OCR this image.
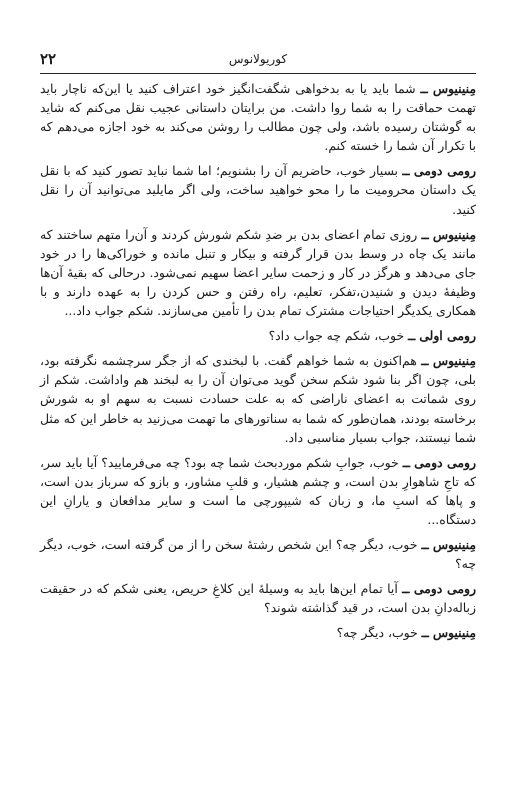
۲۲	کوریولانوس

مِنینیوس ــ شما باید یا به بدخواهی شگفت‌انگیز خود اعتراف کنید یا این‌که ناچار باید تهمت حماقت را به شما روا داشت. من برایتان داستانی عجیب نقل می‌کنم که شاید به گوشتان رسیده باشد، ولی چون مطالب را روشن می‌کند به خود اجازه می‌دهم که با تکرار آن شما را خسته کنم.

رومی دومی ــ بسیار خوب، حاضریم آن را بشنویم؛ اما شما نباید تصور کنید که با نقل یک داستان محرومیت ما را محو خواهید ساخت، ولی اگر مایلید می‌توانید آن را نقل کنید.

مِنینیوس ــ روزی تمام اعضای بدن بر ضدِ شکم شورش کردند و آن‌را متهم ساختند که مانند یک چاه در وسط بدن قرار گرفته و بیکار و تنبل مانده و خوراکی‌ها را در خود جای می‌دهد و هرگز در کار و زحمت سایر اعضا سهیم نمی‌شود. درحالی که بقیهٔ آن‌ها وظیفهٔ دیدن و شنیدن،تفکر، تعلیم، راه رفتن و حس کردن را به عهده دارند و با همکاری یکدیگر احتیاجات مشترک تمام بدن را تأمین می‌سازند. شکم جواب داد...

رومی اولی ــ خوب، شکم چه جواب داد؟

مِنینیوس ــ هم‌اکنون به شما خواهم گفت. با لبخندی که از جگر سرچشمه نگرفته بود، بلی، چون اگر بنا شود شکم سخن گوید می‌توان آن را به لبخند هم واداشت. شکم از روی شماتت به اعضای ناراضی که به علت حسادت نسبت به سهم او به شورش برخاسته بودند، همان‌طور که شما به سناتورهای ما تهمت می‌زنید به خاطر این که مثل شما نیستند، جواب بسیار مناسبی داد.

رومی دومی ــ خوب، جوابِ شکم موردبحث شما چه بود؟ چه می‌فرمایید؟ آیا باید سر، که تاجِ شاهوارِ بدن است، و چشم هشیار، و قلبِ مشاور، و بازو که سرباز بدن است، و پاها که اسبِ ما، و زبان که شیپورچی ما است و سایر مدافعان و یارانِ این دستگاه...

مِنینیوس ــ خوب، دیگر چه؟ این شخص رشتهٔ سخن را از من گرفته است، خوب، دیگر چه؟

رومی دومی ــ آیا تمام این‌ها باید به وسیلهٔ این کلاغِ حریص، یعنی شکم که در حقیقت زباله‌دانِ بدن است، در قید گذاشته شوند؟

مِنینیوس ــ خوب، دیگر چه؟
